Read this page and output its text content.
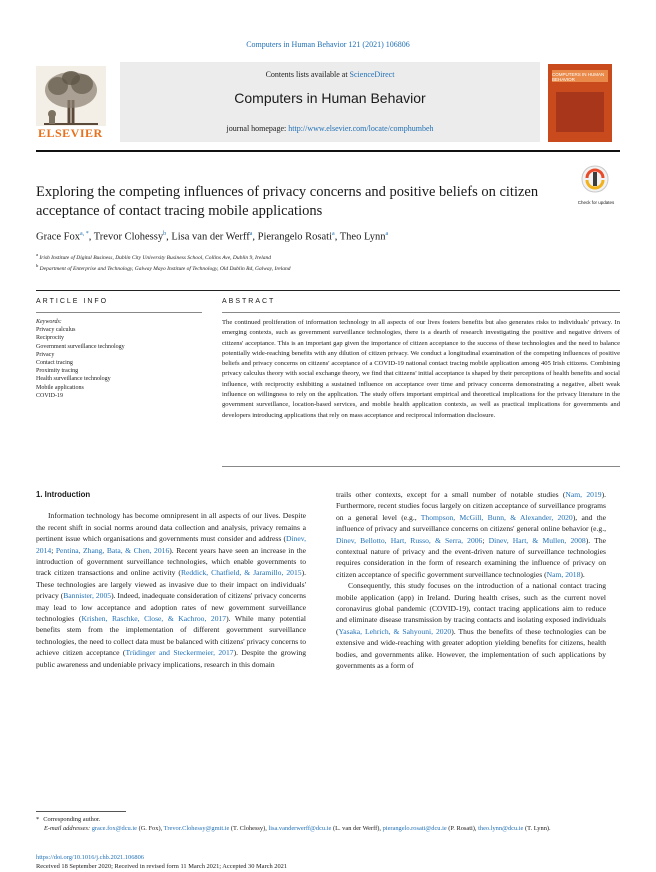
Computers in Human Behavior 121 (2021) 106806
ELSEVIER
Contents lists available at ScienceDirect
Computers in Human Behavior
journal homepage: http://www.elsevier.com/locate/comphumbeh
COMPUTERS IN HUMAN BEHAVIOR
Exploring the competing influences of privacy concerns and positive beliefs on citizen acceptance of contact tracing mobile applications
Check for updates
Grace Fox$^{a, *}$, Trevor Clohessy$^b$, Lisa van der Werff$^a$, Pierangelo Rosati$^a$, Theo Lynn$^a$
$^a$ Irish Institute of Digital Business, Dublin City University Business School, Collins Ave, Dublin 9, Ireland
$^b$ Department of Enterprise and Technology, Galway Mayo Institute of Technology, Old Dublin Rd, Galway, Ireland
ARTICLE INFO	ABSTRACT
Keywords:
Privacy calculus
Reciprocity
Government surveillance technology
Privacy
Contact tracing
Proximity tracing
Health surveillance technology
Mobile applications
COVID-19
The continued proliferation of information technology in all aspects of our lives fosters benefits but also generates risks to individuals' privacy. In emerging contexts, such as government surveillance technologies, there is a dearth of research investigating the positive and negative drivers of citizens' acceptance. This is an important gap given the importance of citizen acceptance to the success of these technologies and the need to balance potentially wide-reaching benefits with any dilution of citizen privacy. We conduct a longitudinal examination of the competing influences of positive beliefs and privacy concerns on citizens' acceptance of a COVID-19 national contact tracing mobile application among 405 Irish citizens. Combining privacy calculus theory with social exchange theory, we find that citizens' initial acceptance is shaped by their perceptions of health benefits and social influence, with reciprocity exhibiting a sustained influence on acceptance over time and privacy concerns demonstrating a negative, albeit weak influence on willingness to rely on the application. The study offers important empirical and theoretical implications for the privacy literature in the government surveillance, location-based services, and mobile health application contexts, as well as practical implications for governments and developers introducing applications that rely on mass acceptance and reciprocal information disclosure.
1. Introduction

Information technology has become omnipresent in all aspects of our lives. Despite the recent shift in social norms around data collection and analysis, privacy remains a pertinent issue which organisations and governments must consider and address (Dinev, 2014; Pentina, Zhang, Bata, & Chen, 2016). Recent years have seen an increase in the introduction of government surveillance technologies, which enable governments to track citizen transactions and online activity (Reddick, Chatfield, & Jaramillo, 2015). These technologies are largely viewed as invasive due to their impact on individuals' privacy (Bannister, 2005). Indeed, inadequate consideration of citizens' privacy concerns may lead to low acceptance and adoption rates of new government surveillance technologies (Krishen, Raschke, Close, & Kachroo, 2017). While many potential benefits stem from the implementation of different government surveillance technologies, the need to collect data must be balanced with citizens' privacy concerns to achieve citizen acceptance (Trüdinger and Steckermeier, 2017). Despite the growing public awareness and undeniable privacy implications, research in this domain

trails other contexts, except for a small number of notable studies (Nam, 2019). Furthermore, recent studies focus largely on citizen acceptance of surveillance programs on a general level (e.g., Thompson, McGill, Bunn, & Alexander, 2020), and the influence of privacy and surveillance concerns on citizens' general online behavior (e.g., Dinev, Bellotto, Hart, Russo, & Serra, 2006; Dinev, Hart, & Mullen, 2008). The contextual nature of privacy and the event-driven nature of surveillance technologies requires consideration in the form of research examining the influence of privacy on citizen acceptance of specific government surveillance technologies (Nam, 2018).

Consequently, this study focuses on the introduction of a national contact tracing mobile application (app) in Ireland. During health crises, such as the current novel coronavirus global pandemic (COVID-19), contact tracing applications aim to reduce and eliminate disease transmission by tracing contacts and isolating exposed individuals (Yasaka, Lehrich, & Sahyouni, 2020). Thus the benefits of these technologies can be extensive and wide-reaching with greater adoption yielding benefits for citizens, health bodies, and governments alike. However, the implementation of such applications by governments as a form of

* Corresponding author.
E-mail addresses: grace.fox@dcu.ie (G. Fox), Trevor.Clohessy@gmit.ie (T. Clohessy), lisa.vanderwerff@dcu.ie (L. van der Werff), pierangelo.rosati@dcu.ie (P. Rosati), theo.lynn@dcu.ie (T. Lynn).
https://doi.org/10.1016/j.chb.2021.106806
Received 18 September 2020; Received in revised form 11 March 2021; Accepted 30 March 2021
